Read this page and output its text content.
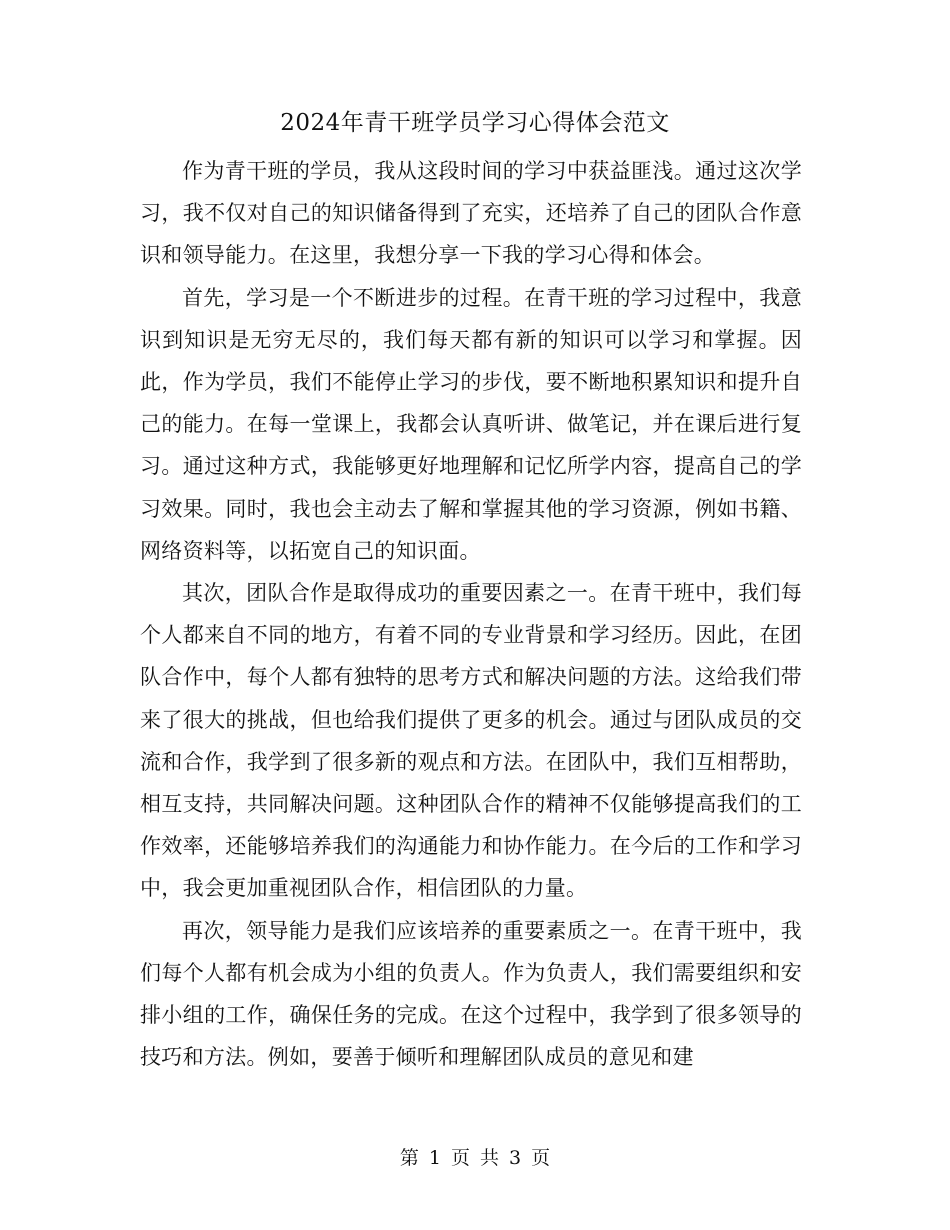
2024年青干班学员学习心得体会范文

作为青干班的学员，我从这段时间的学习中获益匪浅。通过这次学习，我不仅对自己的知识储备得到了充实，还培养了自己的团队合作意识和领导能力。在这里，我想分享一下我的学习心得和体会。

首先，学习是一个不断进步的过程。在青干班的学习过程中，我意识到知识是无穷无尽的，我们每天都有新的知识可以学习和掌握。因此，作为学员，我们不能停止学习的步伐，要不断地积累知识和提升自己的能力。在每一堂课上，我都会认真听讲、做笔记，并在课后进行复习。通过这种方式，我能够更好地理解和记忆所学内容，提高自己的学习效果。同时，我也会主动去了解和掌握其他的学习资源，例如书籍、网络资料等，以拓宽自己的知识面。

其次，团队合作是取得成功的重要因素之一。在青干班中，我们每个人都来自不同的地方，有着不同的专业背景和学习经历。因此，在团队合作中，每个人都有独特的思考方式和解决问题的方法。这给我们带来了很大的挑战，但也给我们提供了更多的机会。通过与团队成员的交流和合作，我学到了很多新的观点和方法。在团队中，我们互相帮助，相互支持，共同解决问题。这种团队合作的精神不仅能够提高我们的工作效率，还能够培养我们的沟通能力和协作能力。在今后的工作和学习中，我会更加重视团队合作，相信团队的力量。

再次，领导能力是我们应该培养的重要素质之一。在青干班中，我们每个人都有机会成为小组的负责人。作为负责人，我们需要组织和安排小组的工作，确保任务的完成。在这个过程中，我学到了很多领导的技巧和方法。例如，要善于倾听和理解团队成员的意见和建

第 1 页 共 3 页
